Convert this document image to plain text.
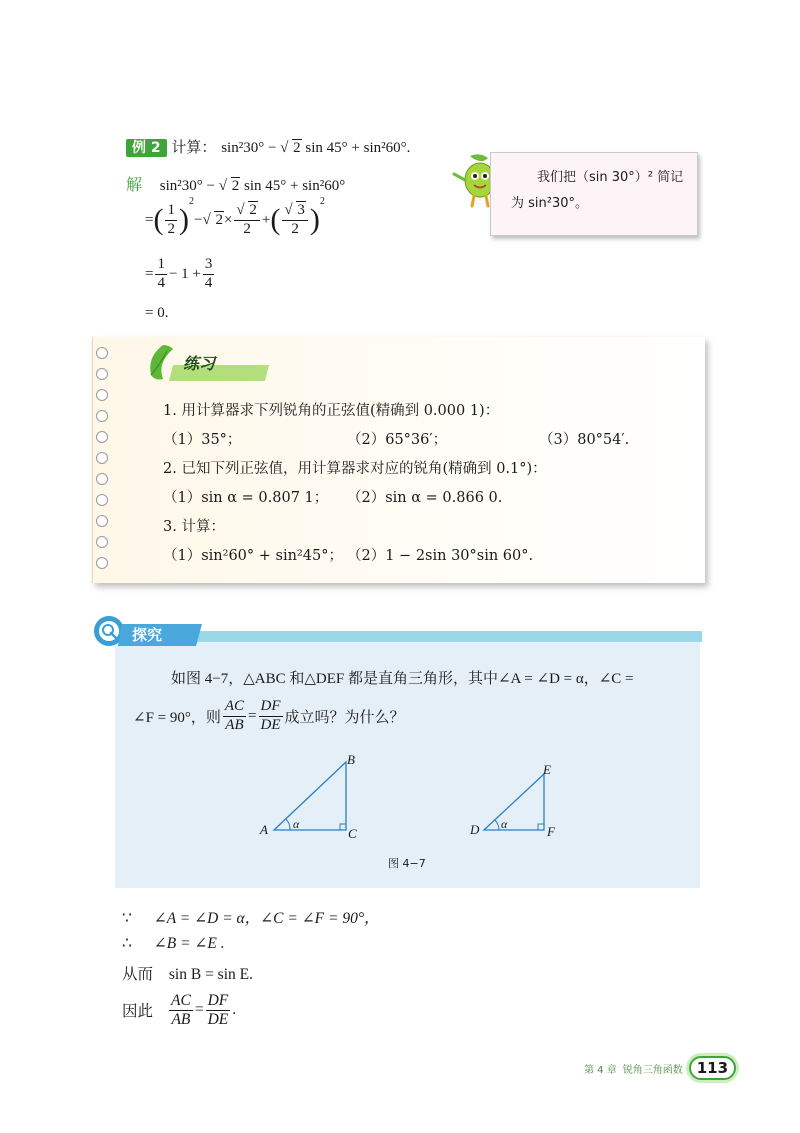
例 2 计算： sin²30° − √ 2 sin 45° + sin²60°.
解 sin²30° − √ 2 sin 45° + sin²60°
= ( $\frac{1}{2}$ )
$^2$
− √ $2 \times \frac{√ 2}{2}$ + ( $\frac{√ 3}{2}$ )
$^2$
= $\frac{1}{4} - 1 + \frac{3}{4}$
= 0.
我们把（sin 30°）² 简记
为 sin²30°。
练习
1. 用计算器求下列锐角的正弦值(精确到 0.000 1)：
（1）35°；	（2）65°36′；	（3）80°54′.
2. 已知下列正弦值，用计算器求对应的锐角(精确到 0.1°)：
（1）sin α = 0.807 1； （2）sin α = 0.866 0.
3. 计算：
（1）sin²60° + sin²45°； （2）1 − 2sin 30°sin 60°.
探究
如图 4−7，△ABC 和△DEF 都是直角三角形，其中∠A = ∠D = α，∠C =
∠F = 90°，则 $\frac{AC}{AB} = \frac{DF}{DE}$ 成立吗？为什么？
A
B
C
α	D
E
F
α
图 4−7
∵ ∠A = ∠D = α，∠C = ∠F = 90°，
∴ ∠B = ∠E .
从而 sin B = sin E.
因此 $\frac{AC}{AB} = \frac{DF}{DE}$ .
第 4 章 锐角三角函数 113
